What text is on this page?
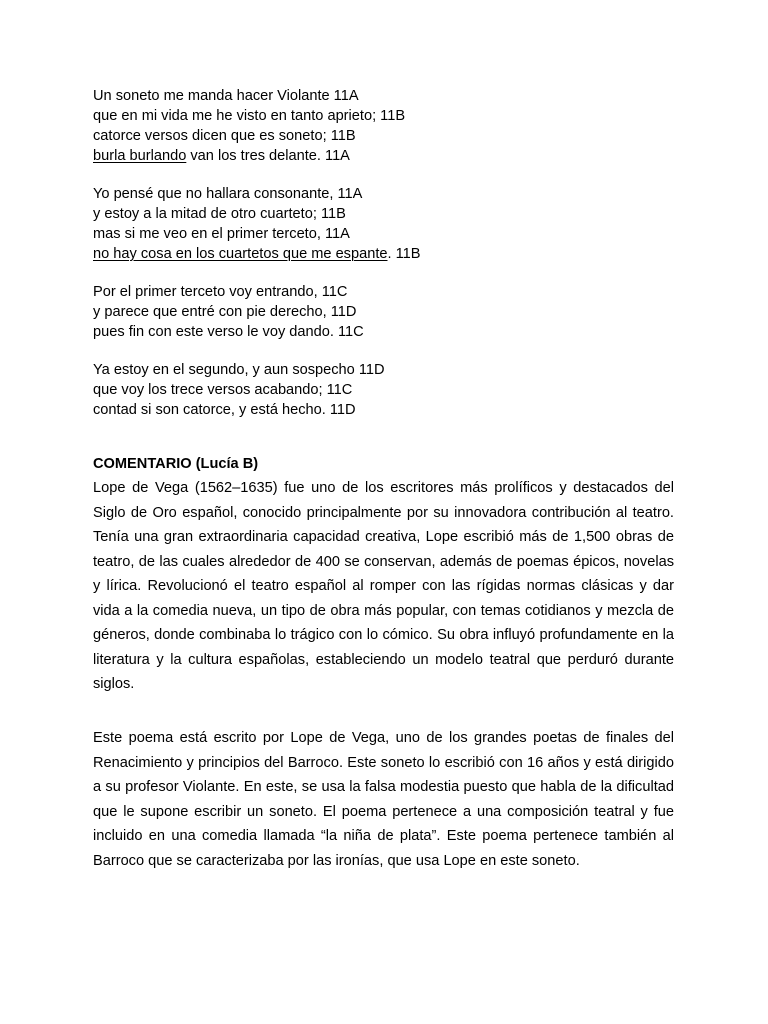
Un soneto me manda hacer Violante 11A
que en mi vida me he visto en tanto aprieto; 11B
catorce versos dicen que es soneto; 11B
burla burlando van los tres delante. 11A
Yo pensé que no hallara consonante, 11A
y estoy a la mitad de otro cuarteto; 11B
mas si me veo en el primer terceto, 11A
no hay cosa en los cuartetos que me espante. 11B
Por el primer terceto voy entrando, 11C
y parece que entré con pie derecho, 11D
pues fin con este verso le voy dando. 11C
Ya estoy en el segundo, y aun sospecho 11D
que voy los trece versos acabando; 11C
contad si son catorce, y está hecho. 11D
COMENTARIO (Lucía B)

Lope de Vega (1562–1635) fue uno de los escritores más prolíficos y destacados del Siglo de Oro español, conocido principalmente por su innovadora contribución al teatro. Tenía una gran extraordinaria capacidad creativa, Lope escribió más de 1,500 obras de teatro, de las cuales alrededor de 400 se conservan, además de poemas épicos, novelas y lírica. Revolucionó el teatro español al romper con las rígidas normas clásicas y dar vida a la comedia nueva, un tipo de obra más popular, con temas cotidianos y mezcla de géneros, donde combinaba lo trágico con lo cómico. Su obra influyó profundamente en la literatura y la cultura españolas, estableciendo un modelo teatral que perduró durante siglos.

Este poema está escrito por Lope de Vega, uno de los grandes poetas de finales del Renacimiento y principios del Barroco. Este soneto lo escribió con 16 años y está dirigido a su profesor Violante. En este, se usa la falsa modestia puesto que habla de la dificultad que le supone escribir un soneto. El poema pertenece a una composición teatral y fue incluido en una comedia llamada “la niña de plata”. Este poema pertenece también al Barroco que se caracterizaba por las ironías, que usa Lope en este soneto.
